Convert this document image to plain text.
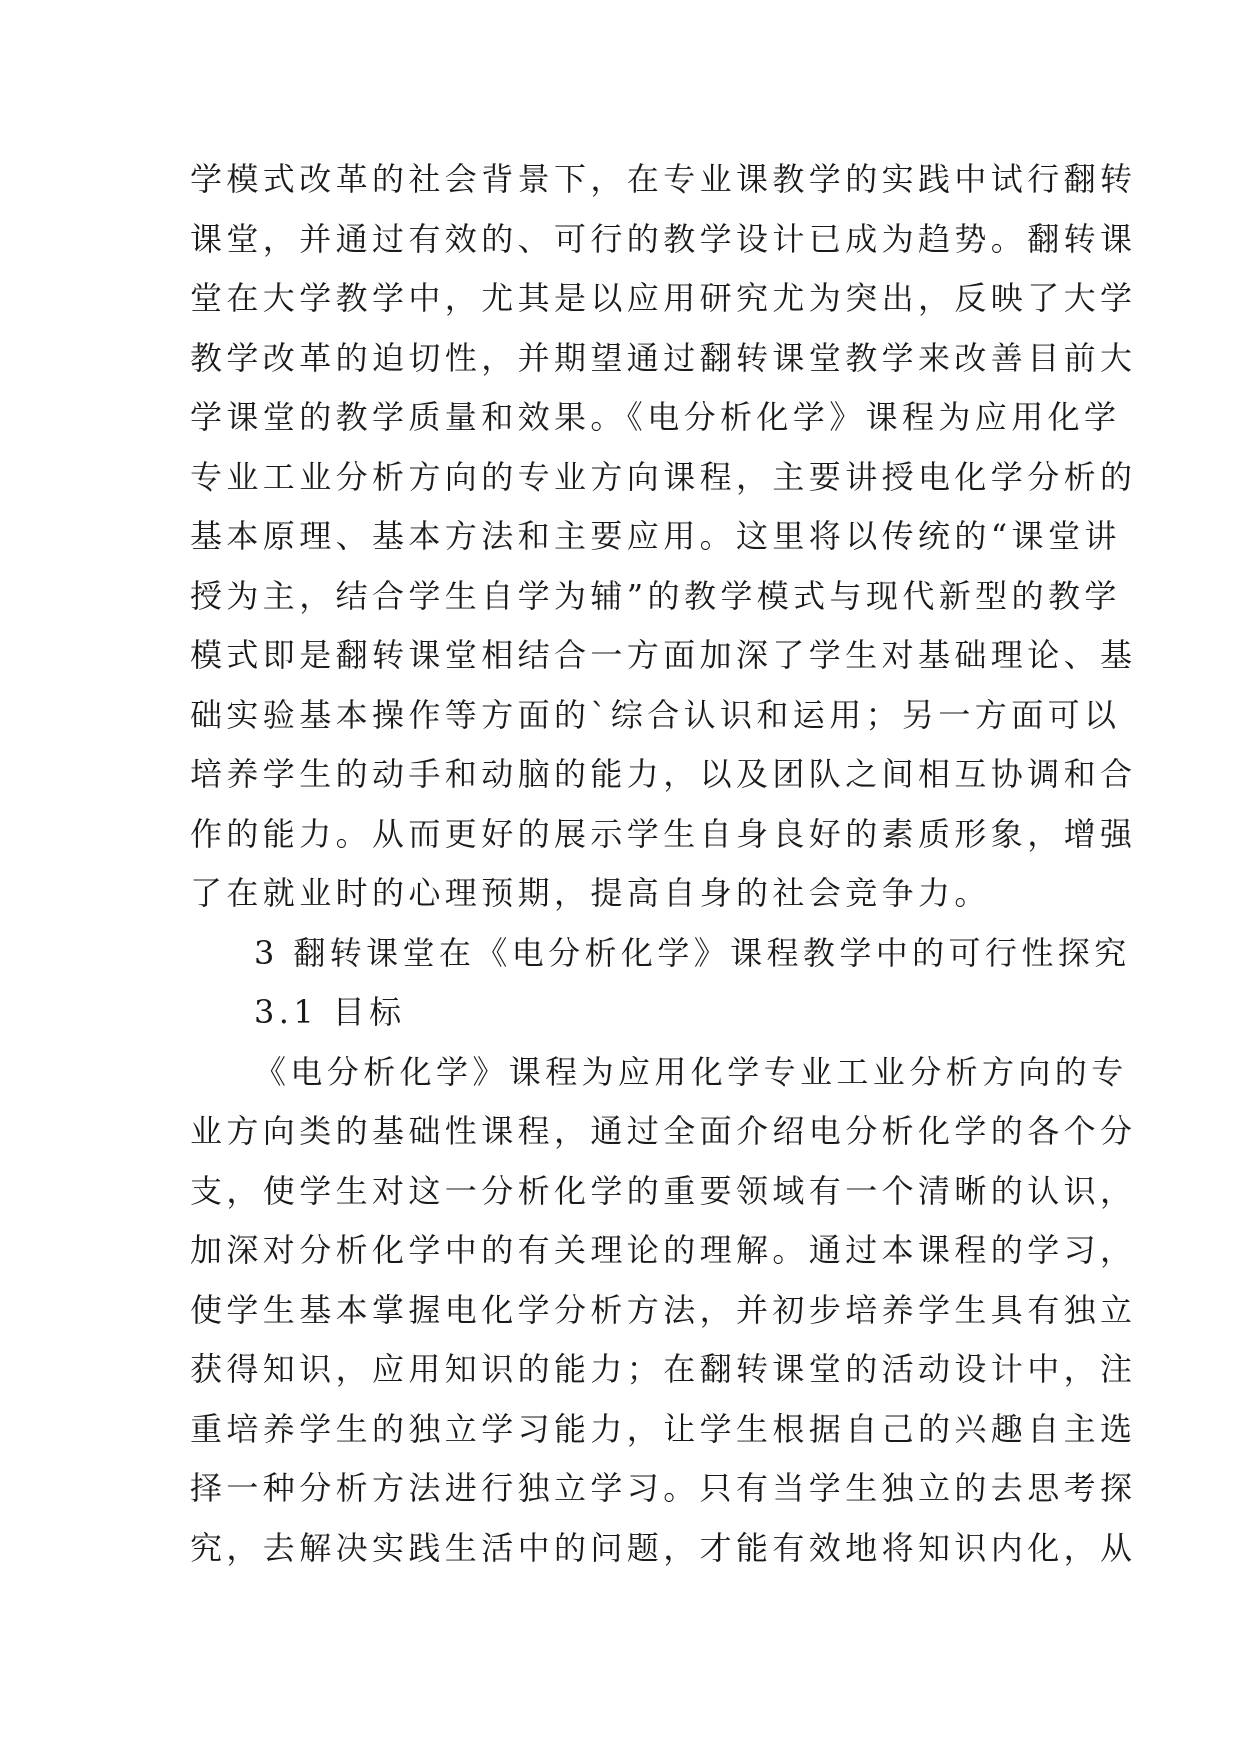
学模式改革的社会背景下，在专业课教学的实践中试行翻转
课堂，并通过有效的、可行的教学设计已成为趋势。翻转课
堂在大学教学中，尤其是以应用研究尤为突出，反映了大学
教学改革的迫切性，并期望通过翻转课堂教学来改善目前大
学课堂的教学质量和效果。《电分析化学》课程为应用化学
专业工业分析方向的专业方向课程，主要讲授电化学分析的
基本原理、基本方法和主要应用。这里将以传统的“课堂讲
授为主，结合学生自学为辅”的教学模式与现代新型的教学
模式即是翻转课堂相结合一方面加深了学生对基础理论、基
础实验基本操作等方面的`综合认识和运用；另一方面可以
培养学生的动手和动脑的能力，以及团队之间相互协调和合
作的能力。从而更好的展示学生自身良好的素质形象，增强
了在就业时的心理预期，提高自身的社会竞争力。
3 翻转课堂在《电分析化学》课程教学中的可行性探究
3.1 目标
《电分析化学》课程为应用化学专业工业分析方向的专
业方向类的基础性课程，通过全面介绍电分析化学的各个分
支，使学生对这一分析化学的重要领域有一个清晰的认识，
加深对分析化学中的有关理论的理解。通过本课程的学习，
使学生基本掌握电化学分析方法，并初步培养学生具有独立
获得知识，应用知识的能力；在翻转课堂的活动设计中，注
重培养学生的独立学习能力，让学生根据自己的兴趣自主选
择一种分析方法进行独立学习。只有当学生独立的去思考探
究，去解决实践生活中的问题，才能有效地将知识内化，从
